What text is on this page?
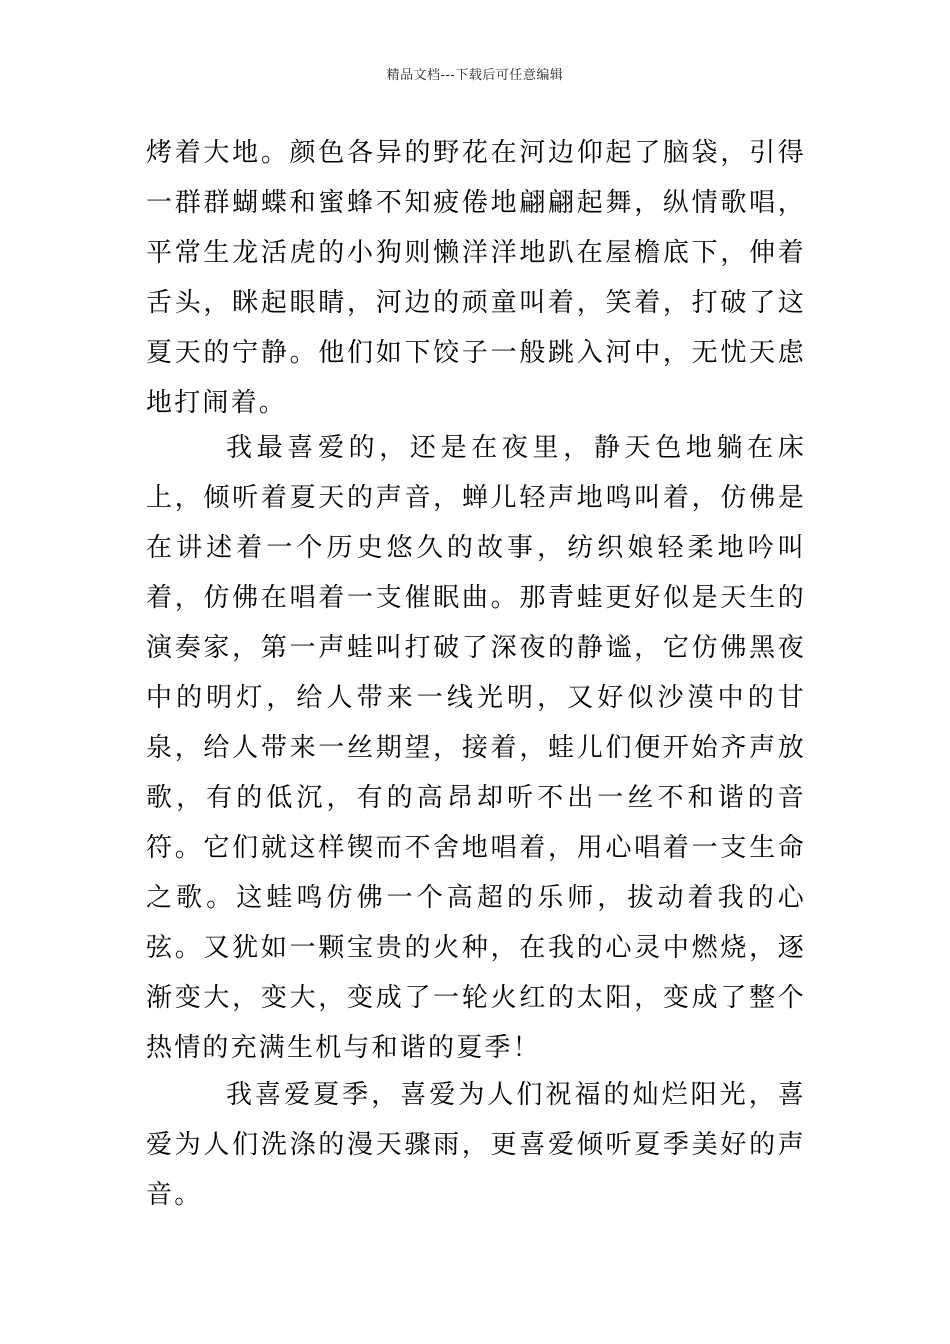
精品文档---下载后可任意编辑

烤着大地。颜色各异的野花在河边仰起了脑袋，引得一群群蝴蝶和蜜蜂不知疲倦地翩翩起舞，纵情歌唱，平常生龙活虎的小狗则懒洋洋地趴在屋檐底下，伸着舌头，眯起眼睛，河边的顽童叫着，笑着，打破了这夏天的宁静。他们如下饺子一般跳入河中，无忧天虑地打闹着。

我最喜爱的，还是在夜里，静天色地躺在床上，倾听着夏天的声音，蝉儿轻声地鸣叫着，仿佛是在讲述着一个历史悠久的故事，纺织娘轻柔地吟叫着，仿佛在唱着一支催眠曲。那青蛙更好似是天生的演奏家，第一声蛙叫打破了深夜的静谧，它仿佛黑夜中的明灯，给人带来一线光明，又好似沙漠中的甘泉，给人带来一丝期望，接着，蛙儿们便开始齐声放歌，有的低沉，有的高昂却听不出一丝不和谐的音符。它们就这样锲而不舍地唱着，用心唱着一支生命之歌。这蛙鸣仿佛一个高超的乐师，拔动着我的心弦。又犹如一颗宝贵的火种，在我的心灵中燃烧，逐渐变大，变大，变成了一轮火红的太阳，变成了整个热情的充满生机与和谐的夏季！

我喜爱夏季，喜爱为人们祝福的灿烂阳光，喜爱为人们洗涤的漫天骤雨，更喜爱倾听夏季美好的声音。
